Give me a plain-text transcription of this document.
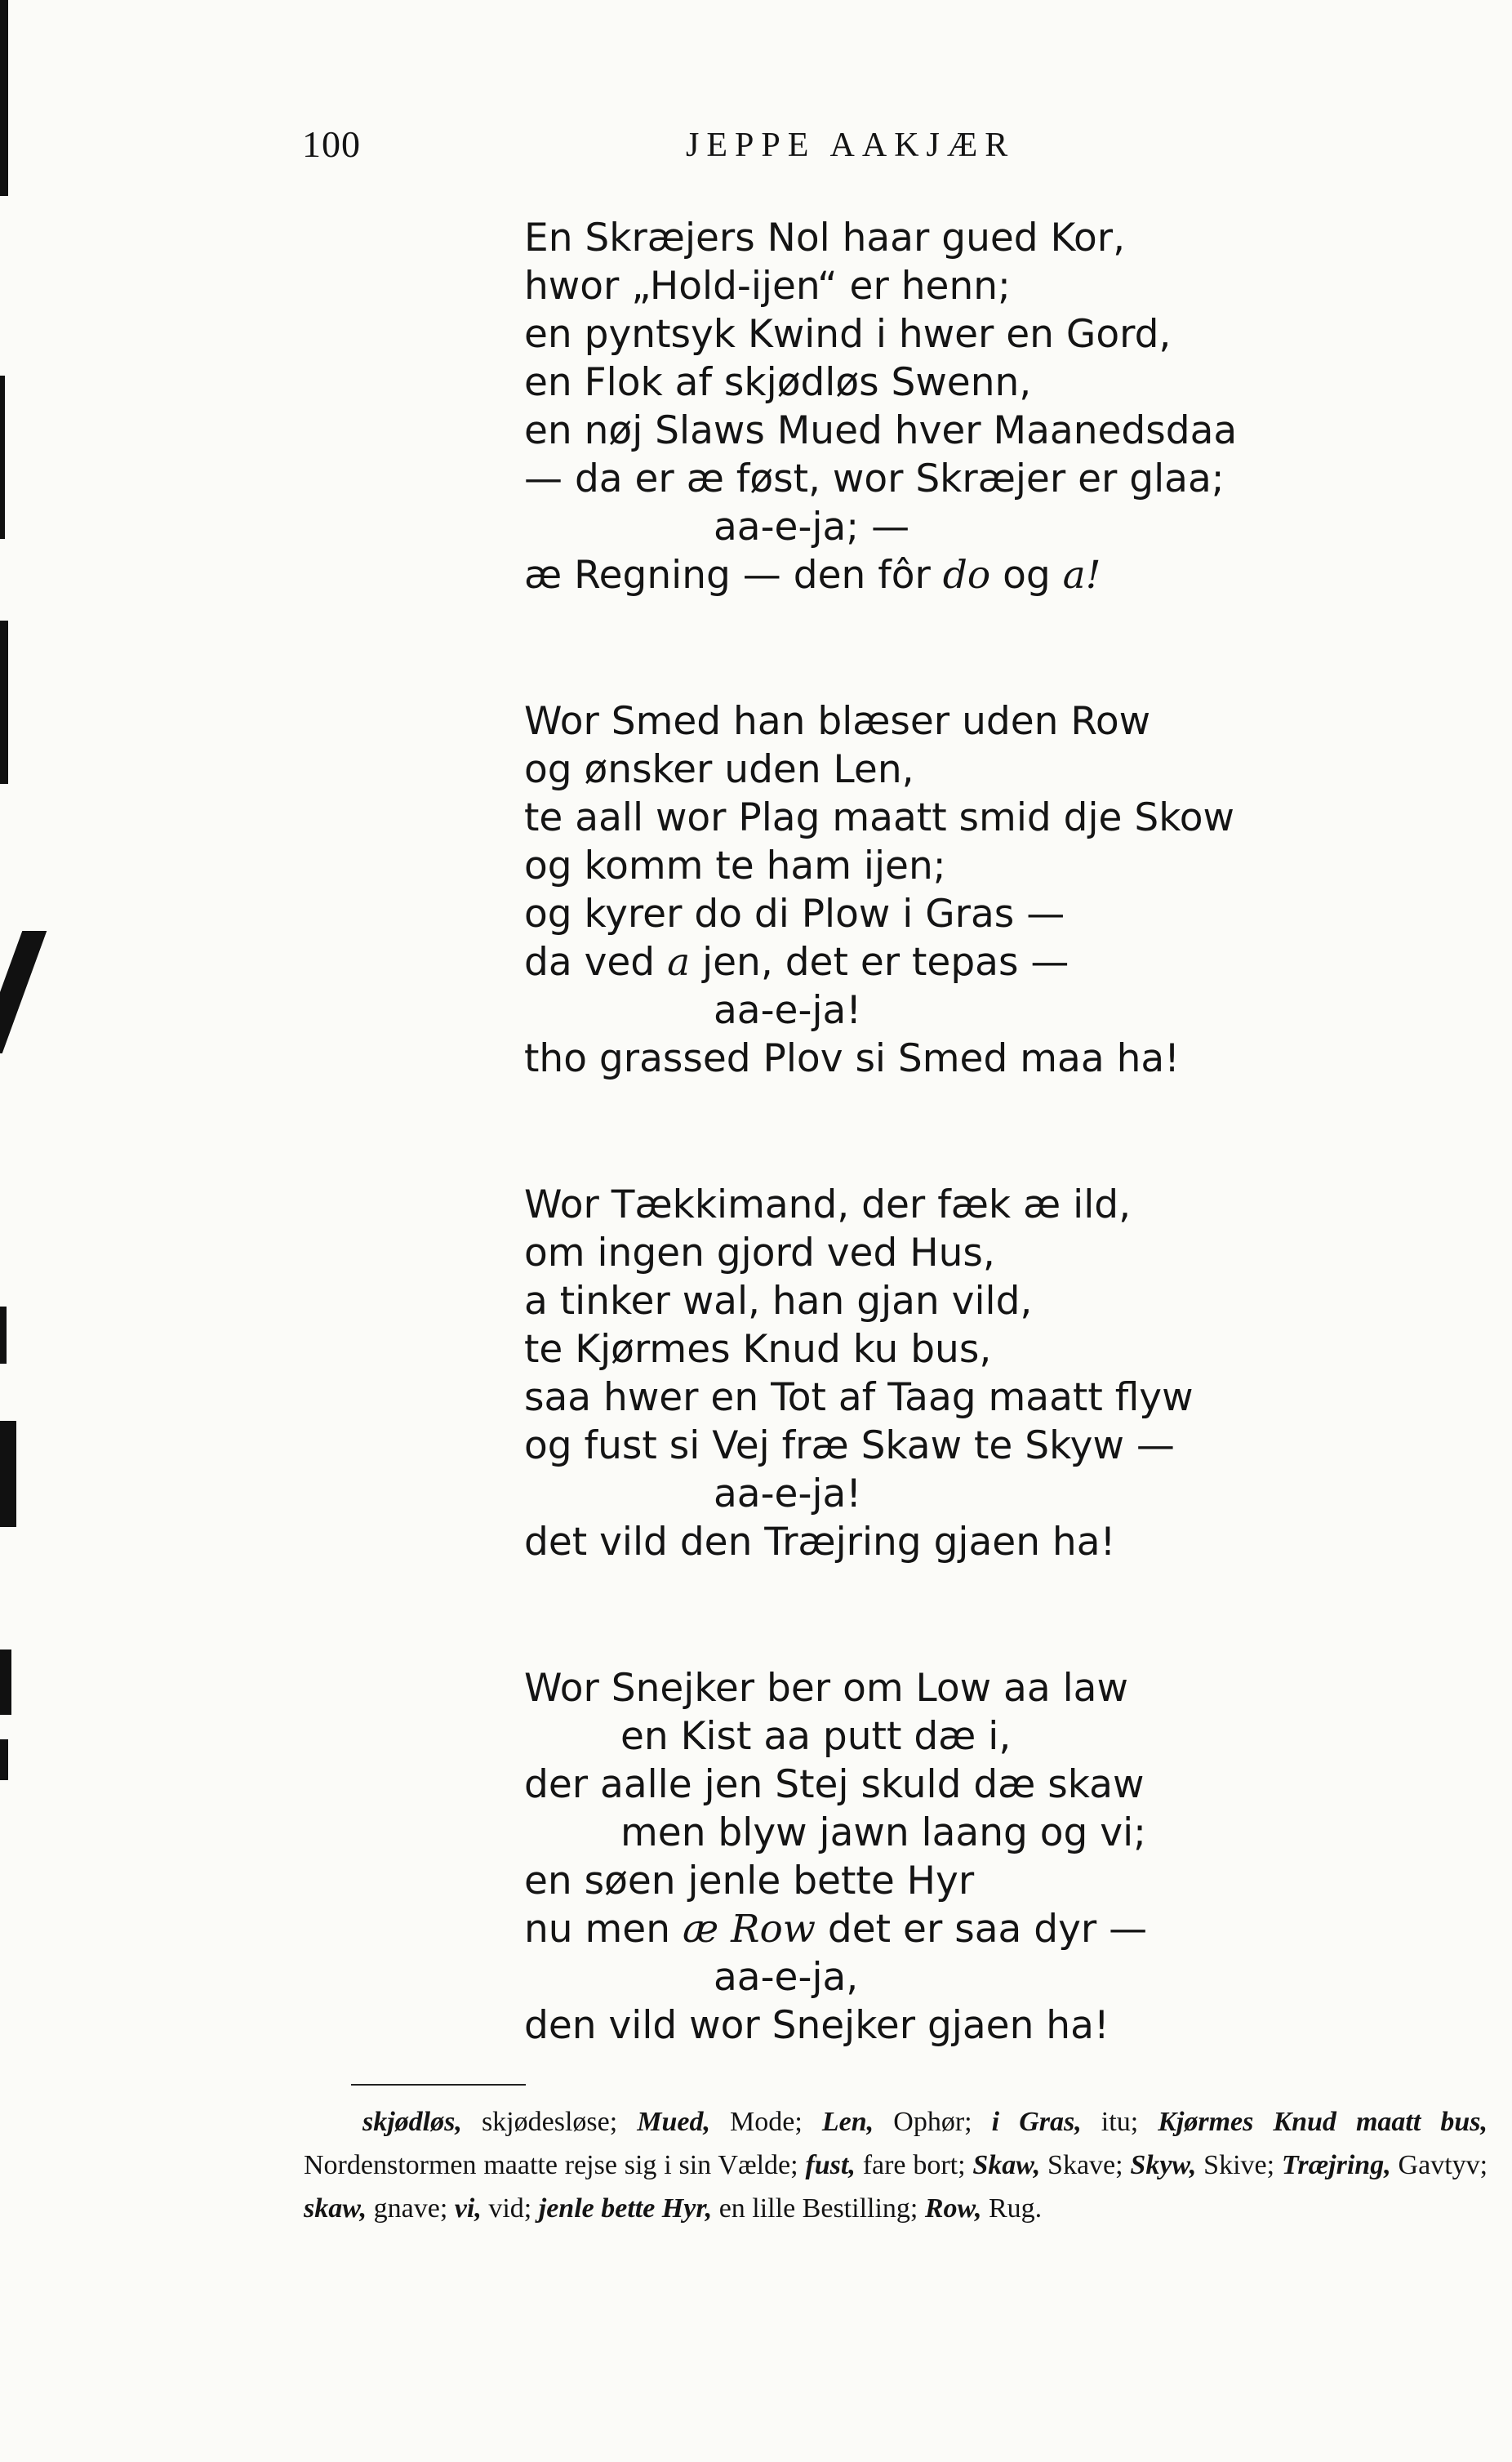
100	JEPPE AAKJÆR
En Skræjers Nol haar gued Kor,
hwor „Hold-ijen“ er henn;
en pyntsyk Kwind i hwer en Gord,
en Flok af skjødløs Swenn,
en nøj Slaws Mued hver Maanedsdaa
— da er æ føst, wor Skræjer er glaa;
aa-e-ja; —
æ Regning — den fôr do og a!
Wor Smed han blæser uden Row
og ønsker uden Len,
te aall wor Plag maatt smid dje Skow
og komm te ham ijen;
og kyrer do di Plow i Gras —
da ved a jen, det er tepas —
aa-e-ja!
tho grassed Plov si Smed maa ha!
Wor Tækkimand, der fæk æ ild,
om ingen gjord ved Hus,
a tinker wal, han gjan vild,
te Kjørmes Knud ku bus,
saa hwer en Tot af Taag maatt flyw
og fust si Vej fræ Skaw te Skyw —
aa-e-ja!
det vild den Træjring gjaen ha!
Wor Snejker ber om Low aa law
en Kist aa putt dæ i,
der aalle jen Stej skuld dæ skaw
men blyw jawn laang og vi;
en søen jenle bette Hyr
nu men æ Row det er saa dyr —
aa-e-ja,
den vild wor Snejker gjaen ha!
skjødløs, skjødesløse; Mued, Mode; Len, Ophør; i Gras, itu; Kjørmes Knud maatt bus, Nordenstormen maatte rejse sig i sin Vælde; fust, fare bort; Skaw, Skave; Skyw, Skive; Træjring, Gavtyv; skaw, gnave; vi, vid; jenle bette Hyr, en lille Bestilling; Row, Rug.
